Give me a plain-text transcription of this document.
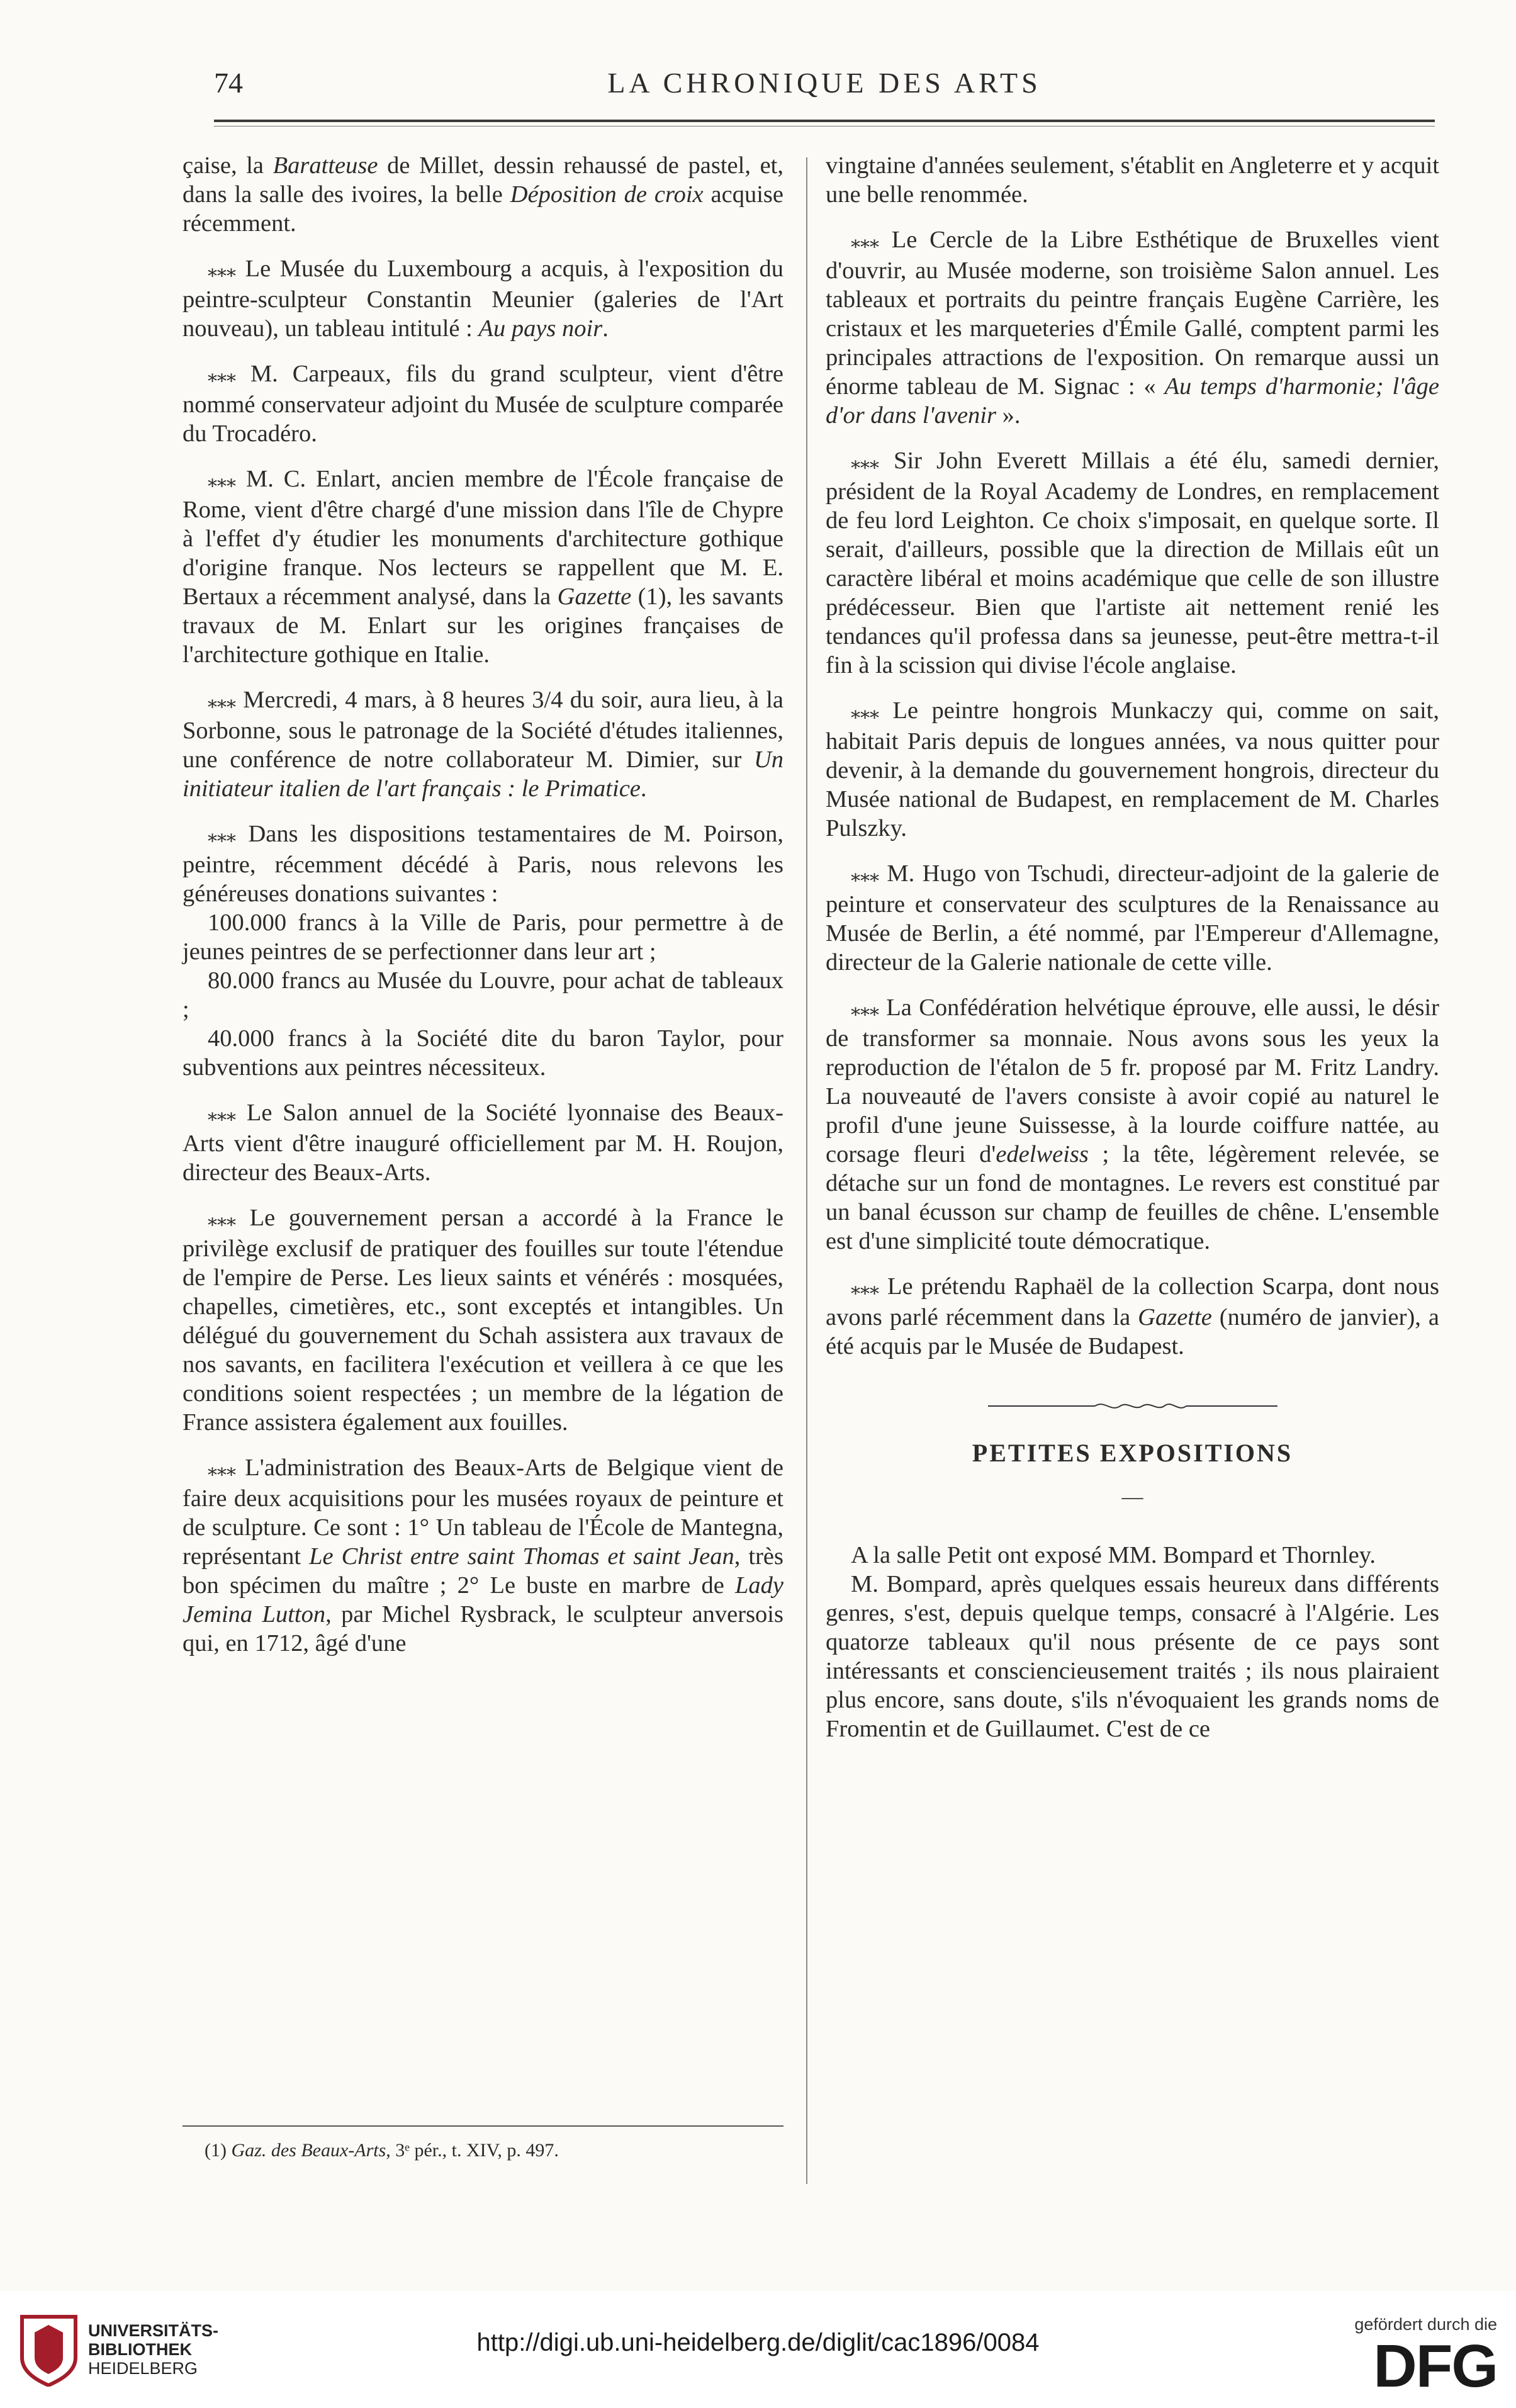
74	LA CHRONIQUE DES ARTS

çaise, la Baratteuse de Millet, dessin rehaussé de pastel, et, dans la salle des ivoires, la belle Déposition de croix acquise récemment.

⁎⁎⁎ Le Musée du Luxembourg a acquis, à l'exposition du peintre-sculpteur Constantin Meunier (galeries de l'Art nouveau), un tableau intitulé : Au pays noir.

⁎⁎⁎ M. Carpeaux, fils du grand sculpteur, vient d'être nommé conservateur adjoint du Musée de sculpture comparée du Trocadéro.

⁎⁎⁎ M. C. Enlart, ancien membre de l'École française de Rome, vient d'être chargé d'une mission dans l'île de Chypre à l'effet d'y étudier les monuments d'architecture gothique d'origine franque. Nos lecteurs se rappellent que M. E. Bertaux a récemment analysé, dans la Gazette (1), les savants travaux de M. Enlart sur les origines françaises de l'architecture gothique en Italie.

⁎⁎⁎ Mercredi, 4 mars, à 8 heures 3/4 du soir, aura lieu, à la Sorbonne, sous le patronage de la Société d'études italiennes, une conférence de notre collaborateur M. Dimier, sur Un initiateur italien de l'art français : le Primatice.

⁎⁎⁎ Dans les dispositions testamentaires de M. Poirson, peintre, récemment décédé à Paris, nous relevons les généreuses donations suivantes :

100.000 francs à la Ville de Paris, pour permettre à de jeunes peintres de se perfectionner dans leur art ;

80.000 francs au Musée du Louvre, pour achat de tableaux ;

40.000 francs à la Société dite du baron Taylor, pour subventions aux peintres nécessiteux.

⁎⁎⁎ Le Salon annuel de la Société lyonnaise des Beaux-Arts vient d'être inauguré officiellement par M. H. Roujon, directeur des Beaux-Arts.

⁎⁎⁎ Le gouvernement persan a accordé à la France le privilège exclusif de pratiquer des fouilles sur toute l'étendue de l'empire de Perse. Les lieux saints et vénérés : mosquées, chapelles, cimetières, etc., sont exceptés et intangibles. Un délégué du gouvernement du Schah assistera aux travaux de nos savants, en facilitera l'exécution et veillera à ce que les conditions soient respectées ; un membre de la légation de France assistera également aux fouilles.

⁎⁎⁎ L'administration des Beaux-Arts de Belgique vient de faire deux acquisitions pour les musées royaux de peinture et de sculpture. Ce sont : 1° Un tableau de l'École de Mantegna, représentant Le Christ entre saint Thomas et saint Jean, très bon spécimen du maître ; 2° Le buste en marbre de Lady Jemina Lutton, par Michel Rysbrack, le sculpteur anversois qui, en 1712, âgé d'une

(1) Gaz. des Beaux-Arts, 3ᵉ pér., t. XIV, p. 497.

vingtaine d'années seulement, s'établit en Angleterre et y acquit une belle renommée.

⁎⁎⁎ Le Cercle de la Libre Esthétique de Bruxelles vient d'ouvrir, au Musée moderne, son troisième Salon annuel. Les tableaux et portraits du peintre français Eugène Carrière, les cristaux et les marqueteries d'Émile Gallé, comptent parmi les principales attractions de l'exposition. On remarque aussi un énorme tableau de M. Signac : « Au temps d'harmonie; l'âge d'or dans l'avenir ».

⁎⁎⁎ Sir John Everett Millais a été élu, samedi dernier, président de la Royal Academy de Londres, en remplacement de feu lord Leighton. Ce choix s'imposait, en quelque sorte. Il serait, d'ailleurs, possible que la direction de Millais eût un caractère libéral et moins académique que celle de son illustre prédécesseur. Bien que l'artiste ait nettement renié les tendances qu'il professa dans sa jeunesse, peut-être mettra-t-il fin à la scission qui divise l'école anglaise.

⁎⁎⁎ Le peintre hongrois Munkaczy qui, comme on sait, habitait Paris depuis de longues années, va nous quitter pour devenir, à la demande du gouvernement hongrois, directeur du Musée national de Budapest, en remplacement de M. Charles Pulszky.

⁎⁎⁎ M. Hugo von Tschudi, directeur-adjoint de la galerie de peinture et conservateur des sculptures de la Renaissance au Musée de Berlin, a été nommé, par l'Empereur d'Allemagne, directeur de la Galerie nationale de cette ville.

⁎⁎⁎ La Confédération helvétique éprouve, elle aussi, le désir de transformer sa monnaie. Nous avons sous les yeux la reproduction de l'étalon de 5 fr. proposé par M. Fritz Landry. La nouveauté de l'avers consiste à avoir copié au naturel le profil d'une jeune Suissesse, à la lourde coiffure nattée, au corsage fleuri d'edelweiss ; la tête, légèrement relevée, se détache sur un fond de montagnes. Le revers est constitué par un banal écusson sur champ de feuilles de chêne. L'ensemble est d'une simplicité toute démocratique.

⁎⁎⁎ Le prétendu Raphaël de la collection Scarpa, dont nous avons parlé récemment dans la Gazette (numéro de janvier), a été acquis par le Musée de Budapest.

PETITES EXPOSITIONS
—

A la salle Petit ont exposé MM. Bompard et Thornley.

M. Bompard, après quelques essais heureux dans différents genres, s'est, depuis quelque temps, consacré à l'Algérie. Les quatorze tableaux qu'il nous présente de ce pays sont intéressants et consciencieusement traités ; ils nous plairaient plus encore, sans doute, s'ils n'évoquaient les grands noms de Fromentin et de Guillaumet. C'est de ce

UNIVERSITÄTS-
BIBLIOTHEK
HEIDELBERG
http://digi.ub.uni-heidelberg.de/diglit/cac1896/0084
gefördert durch die
DFG
